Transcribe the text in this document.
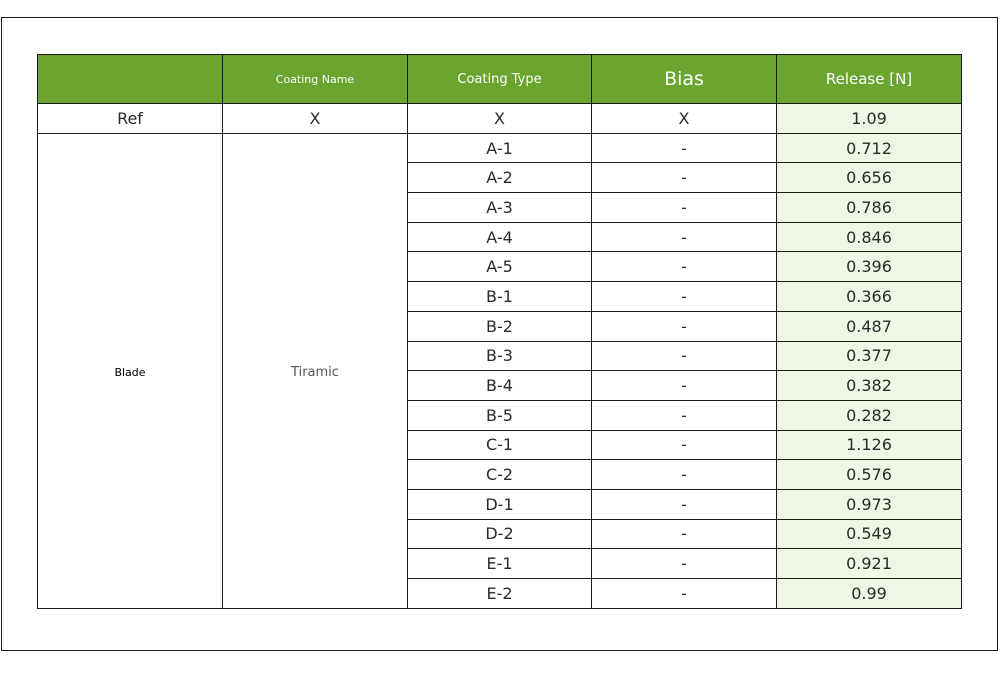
	Coating Name	Coating Type	Bias	Release [N]
Ref	X	X	X	1.09
Blade	Tiramic	A-1	-	0.712
		A-2	-	0.656
		A-3	-	0.786
		A-4	-	0.846
		A-5	-	0.396
		B-1	-	0.366
		B-2	-	0.487
		B-3	-	0.377
		B-4	-	0.382
		B-5	-	0.282
		C-1	-	1.126
		C-2	-	0.576
		D-1	-	0.973
		D-2	-	0.549
		E-1	-	0.921
		E-2	-	0.99
